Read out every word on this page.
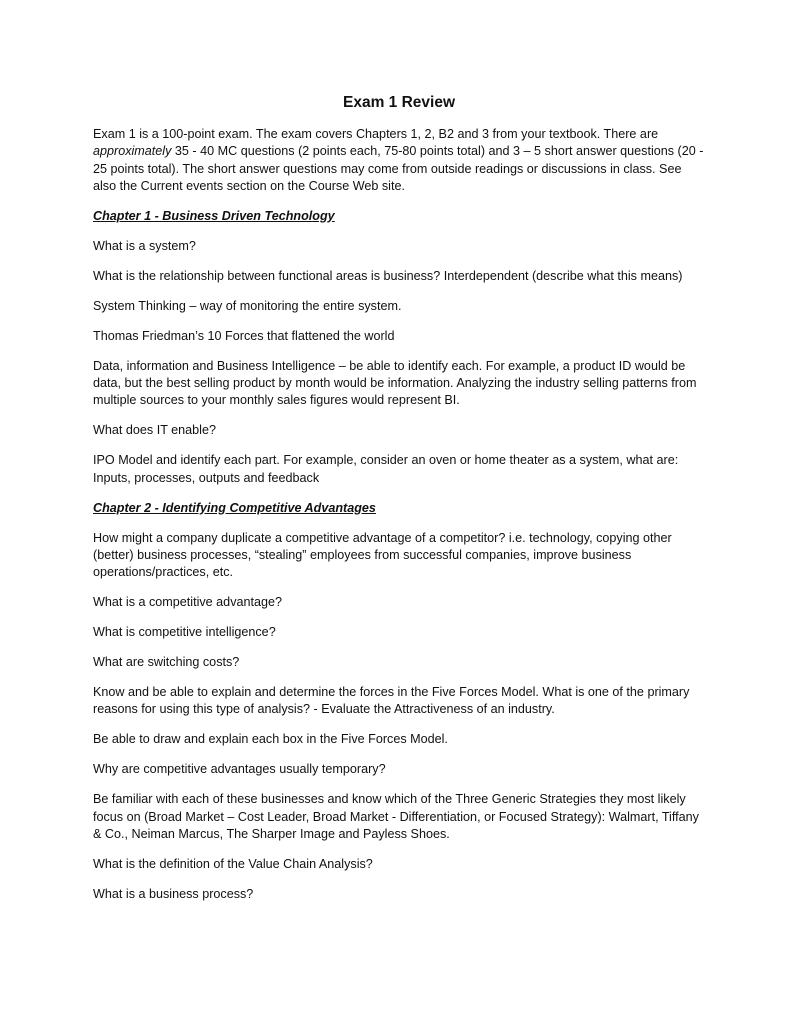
Exam 1 Review

Exam 1 is a 100-point exam. The exam covers Chapters 1, 2, B2 and 3 from your textbook. There are approximately 35 - 40 MC questions (2 points each, 75-80 points total) and 3 – 5 short answer questions (20 - 25 points total). The short answer questions may come from outside readings or discussions in class. See also the Current events section on the Course Web site.

Chapter 1 - Business Driven Technology

What is a system?

What is the relationship between functional areas is business? Interdependent (describe what this means)

System Thinking – way of monitoring the entire system.

Thomas Friedman’s 10 Forces that flattened the world

Data, information and Business Intelligence – be able to identify each. For example, a product ID would be data, but the best selling product by month would be information. Analyzing the industry selling patterns from multiple sources to your monthly sales figures would represent BI.

What does IT enable?

IPO Model and identify each part. For example, consider an oven or home theater as a system, what are: Inputs, processes, outputs and feedback

Chapter 2 - Identifying Competitive Advantages

How might a company duplicate a competitive advantage of a competitor? i.e. technology, copying other (better) business processes, “stealing” employees from successful companies, improve business operations/practices, etc.

What is a competitive advantage?

What is competitive intelligence?

What are switching costs?

Know and be able to explain and determine the forces in the Five Forces Model. What is one of the primary reasons for using this type of analysis? - Evaluate the Attractiveness of an industry.

Be able to draw and explain each box in the Five Forces Model.

Why are competitive advantages usually temporary?

Be familiar with each of these businesses and know which of the Three Generic Strategies they most likely focus on (Broad Market – Cost Leader, Broad Market - Differentiation, or Focused Strategy): Walmart, Tiffany & Co., Neiman Marcus, The Sharper Image and Payless Shoes.

What is the definition of the Value Chain Analysis?

What is a business process?
